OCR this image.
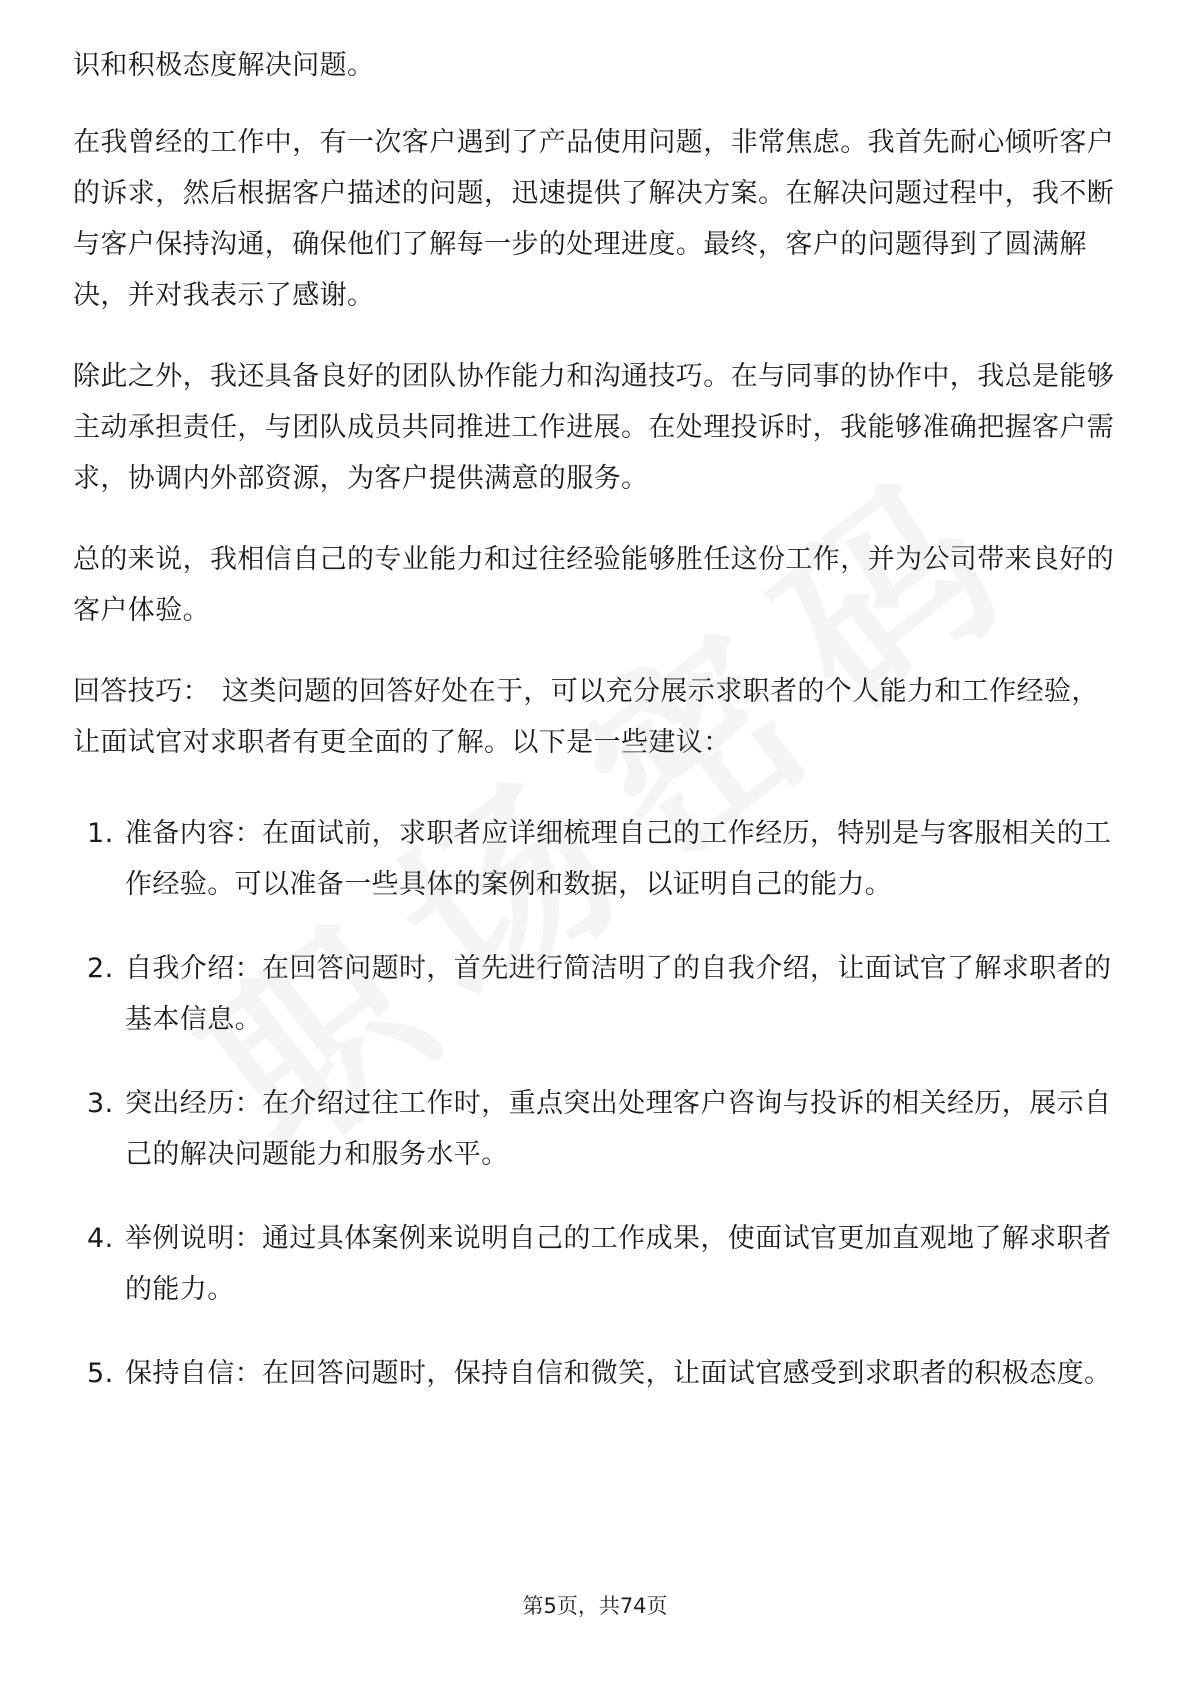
识和积极态度解决问题。

在我曾经的工作中，有一次客户遇到了产品使用问题，非常焦虑。我首先耐心倾听客户的诉求，然后根据客户描述的问题，迅速提供了解决方案。在解决问题过程中，我不断与客户保持沟通，确保他们了解每一步的处理进度。最终，客户的问题得到了圆满解决，并对我表示了感谢。

除此之外，我还具备良好的团队协作能力和沟通技巧。在与同事的协作中，我总是能够主动承担责任，与团队成员共同推进工作进展。在处理投诉时，我能够准确把握客户需求，协调内外部资源，为客户提供满意的服务。

总的来说，我相信自己的专业能力和过往经验能够胜任这份工作，并为公司带来良好的客户体验。

回答技巧： 这类问题的回答好处在于，可以充分展示求职者的个人能力和工作经验，让面试官对求职者有更全面的了解。以下是一些建议：

1. 准备内容：在面试前，求职者应详细梳理自己的工作经历，特别是与客服相关的工作经验。可以准备一些具体的案例和数据，以证明自己的能力。
2. 自我介绍：在回答问题时，首先进行简洁明了的自我介绍，让面试官了解求职者的基本信息。
3. 突出经历：在介绍过往工作时，重点突出处理客户咨询与投诉的相关经历，展示自己的解决问题能力和服务水平。
4. 举例说明：通过具体案例来说明自己的工作成果，使面试官更加直观地了解求职者的能力。
5. 保持自信：在回答问题时，保持自信和微笑，让面试官感受到求职者的积极态度。
第5页，共74页
